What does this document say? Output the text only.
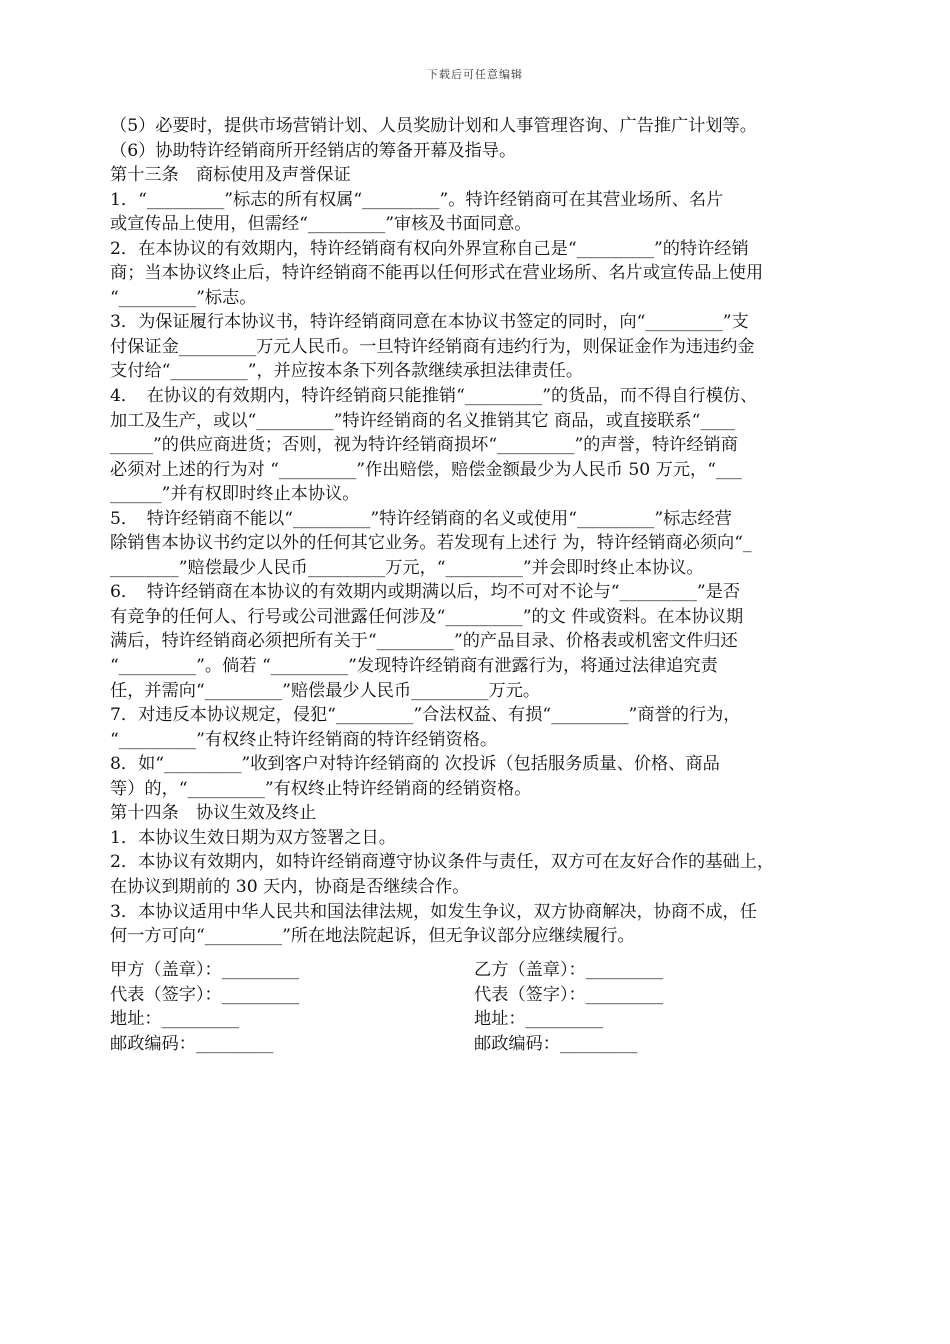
下载后可任意编辑
（5）必要时，提供市场营销计划、人员奖励计划和人事管理咨询、广告推广计划等。
（6）协助特许经销商所开经销店的筹备开幕及指导。
第十三条　商标使用及声誉保证
1．“_________”标志的所有权属“_________”。特许经销商可在其营业场所、名片
或宣传品上使用，但需经“_________”审核及书面同意。
2．在本协议的有效期内，特许经销商有权向外界宣称自己是“_________”的特许经销
商；当本协议终止后，特许经销商不能再以任何形式在营业场所、名片或宣传品上使用
“_________”标志。
3．为保证履行本协议书，特许经销商同意在本协议书签定的同时，向“_________”支
付保证金_________万元人民币。一旦特许经销商有违约行为，则保证金作为违违约金
支付给“_________”，并应按本条下列各款继续承担法律责任。
4．　在协议的有效期内，特许经销商只能推销“_________”的货品，而不得自行模仿、
加工及生产，或以“_________”特许经销商的名义推销其它 商品，或直接联系“____
_____”的供应商进货；否则，视为特许经销商损坏“_________”的声誉，特许经销商
必须对上述的行为对 “_________”作出赔偿，赔偿金额最少为人民币 50 万元，“___
______”并有权即时终止本协议。
5．　特许经销商不能以“_________”特许经销商的名义或使用“_________”标志经营
除销售本协议书约定以外的任何其它业务。若发现有上述行 为，特许经销商必须向“_
________”赔偿最少人民币_________万元，“_________”并会即时终止本协议。
6．　特许经销商在本协议的有效期内或期满以后，均不可对不论与“_________”是否
有竞争的任何人、行号或公司泄露任何涉及“_________”的文 件或资料。在本协议期
满后，特许经销商必须把所有关于“_________”的产品目录、价格表或机密文件归还
“_________”。倘若 “_________”发现特许经销商有泄露行为，将通过法律追究责
任，并需向“_________”赔偿最少人民币_________万元。
7．对违反本协议规定，侵犯“_________”合法权益、有损“_________”商誉的行为，
“_________”有权终止特许经销商的特许经销资格。
8．如“_________”收到客户对特许经销商的 次投诉（包括服务质量、价格、商品
等）的，“_________”有权终止特许经销商的经销资格。
第十四条　协议生效及终止
1．本协议生效日期为双方签署之日。
2．本协议有效期内，如特许经销商遵守协议条件与责任，双方可在友好合作的基础上，
在协议到期前的 30 天内，协商是否继续合作。
3．本协议适用中华人民共和国法律法规，如发生争议，双方协商解决，协商不成，任
何一方可向“_________”所在地法院起诉，但无争议部分应继续履行。
甲方（盖章）：_________	乙方（盖章）：_________
代表（签字）：_________	代表（签字）：_________
地址：_________	地址：_________
邮政编码：_________	邮政编码：_________
